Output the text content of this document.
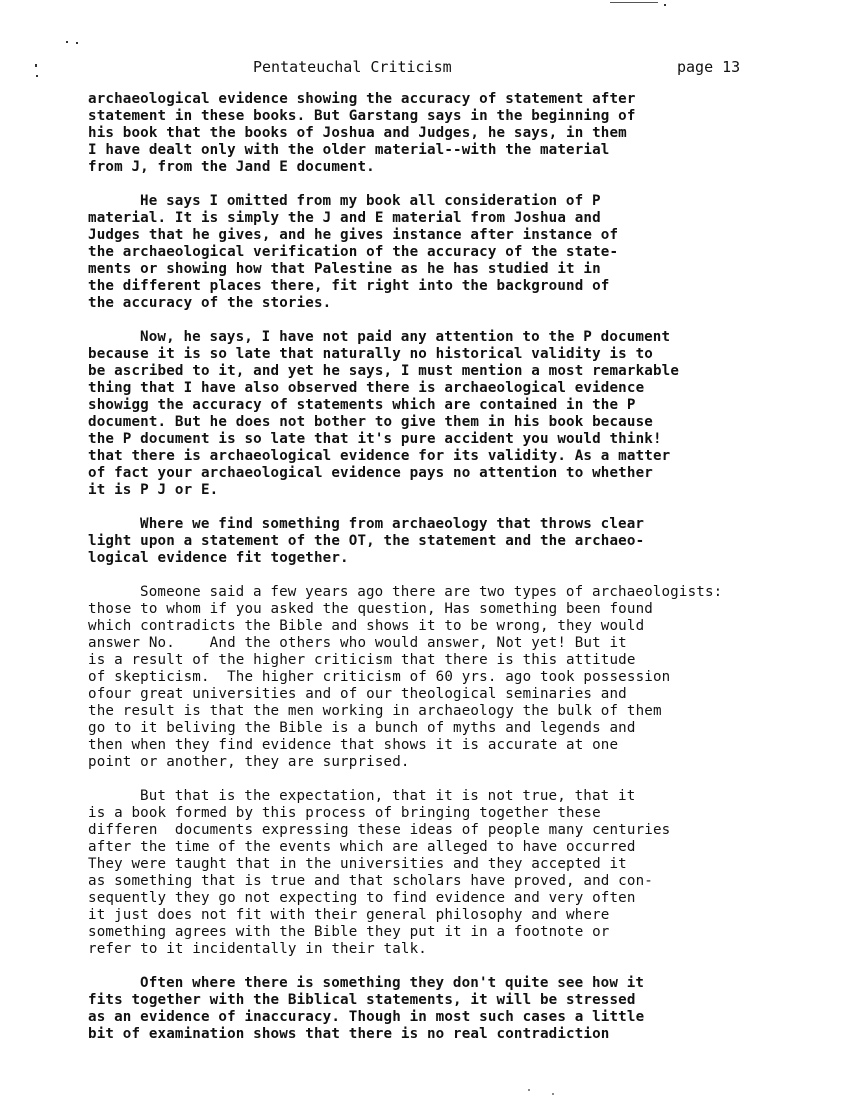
Pentateuchal Criticism	page 13
archaeological evidence showing the accuracy of statement after
statement in these books. But Garstang says in the beginning of
his book that the books of Joshua and Judges, he says, in them
I have dealt only with the older material--with the material
from J, from the Jand E document.
He says I omitted from my book all consideration of P
material. It is simply the J and E material from Joshua and
Judges that he gives, and he gives instance after instance of
the archaeological verification of the accuracy of the state-
ments or showing how that Palestine as he has studied it in
the different places there, fit right into the background of
the accuracy of the stories.
Now, he says, I have not paid any attention to the P document
because it is so late that naturally no historical validity is to
be ascribed to it, and yet he says, I must mention a most remarkable
thing that I have also observed there is archaeological evidence
showigg the accuracy of statements which are contained in the P
document. But he does not bother to give them in his book because
the P document is so late that it's pure accident you would think!
that there is archaeological evidence for its validity. As a matter
of fact your archaeological evidence pays no attention to whether
it is P J or E.
Where we find something from archaeology that throws clear
light upon a statement of the OT, the statement and the archaeo-
logical evidence fit together.
Someone said a few years ago there are two types of archaeologists:
those to whom if you asked the question, Has something been found
which contradicts the Bible and shows it to be wrong, they would
answer No.    And the others who would answer, Not yet! But it
is a result of the higher criticism that there is this attitude
of skepticism.  The higher criticism of 60 yrs. ago took possession
ofour great universities and of our theological seminaries and
the result is that the men working in archaeology the bulk of them
go to it beliving the Bible is a bunch of myths and legends and
then when they find evidence that shows it is accurate at one
point or another, they are surprised.
But that is the expectation, that it is not true, that it
is a book formed by this process of bringing together these
differen  documents expressing these ideas of people many centuries
after the time of the events which are alleged to have occurred
They were taught that in the universities and they accepted it
as something that is true and that scholars have proved, and con-
sequently they go not expecting to find evidence and very often
it just does not fit with their general philosophy and where
something agrees with the Bible they put it in a footnote or
refer to it incidentally in their talk.
Often where there is something they don't quite see how it
fits together with the Biblical statements, it will be stressed
as an evidence of inaccuracy. Though in most such cases a little
bit of examination shows that there is no real contradiction
